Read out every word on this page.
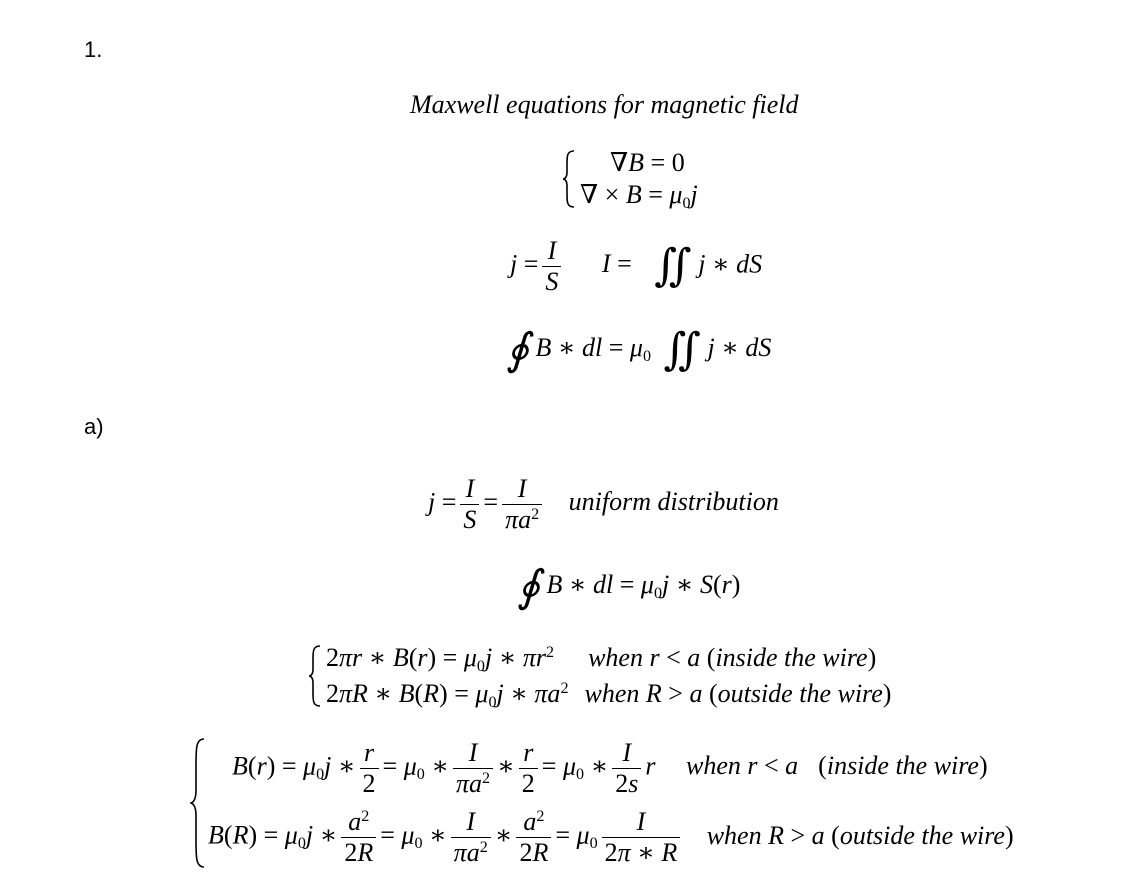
1.
a)
Maxwell equations for magnetic field
∇B = 0
∇ × $B = \mu_0j$
$j = \frac{I}{S}$ I = ∬ j ∗ dS
∮ B ∗ dl = $\mu_0$ ∬ j ∗ dS
$j = \frac{I}{S} = \frac{I}{\pi a^2}$ uniform distribution
∮ B ∗ dl = $\mu_0j$ ∗ S(r)
2πr ∗ $B(r) = \mu_0j$ ∗ $\pi r^2$ when r < a (inside the wire)
2πR ∗ $B(R) = \mu_0j$ ∗ $\pi a^2$ when R > a (outside the wire)
$B(r) = \mu_0j$ ∗ $\frac{r}{2} = \mu_0$ ∗ $\frac{I}{\pi a^2}$ ∗ $\frac{r}{2} = \mu_0$ ∗ $\frac{I}{2s}$ r when r < a (inside the wire)
$B(R) = \mu_0j$ ∗ $\frac{a^2}{2R} = \mu_0$ ∗ $\frac{I}{\pi a^2}$ ∗ $\frac{a^2}{2R} = \mu_0 \frac{I}{2\pi ∗ R}$ when R > a (outside the wire)
